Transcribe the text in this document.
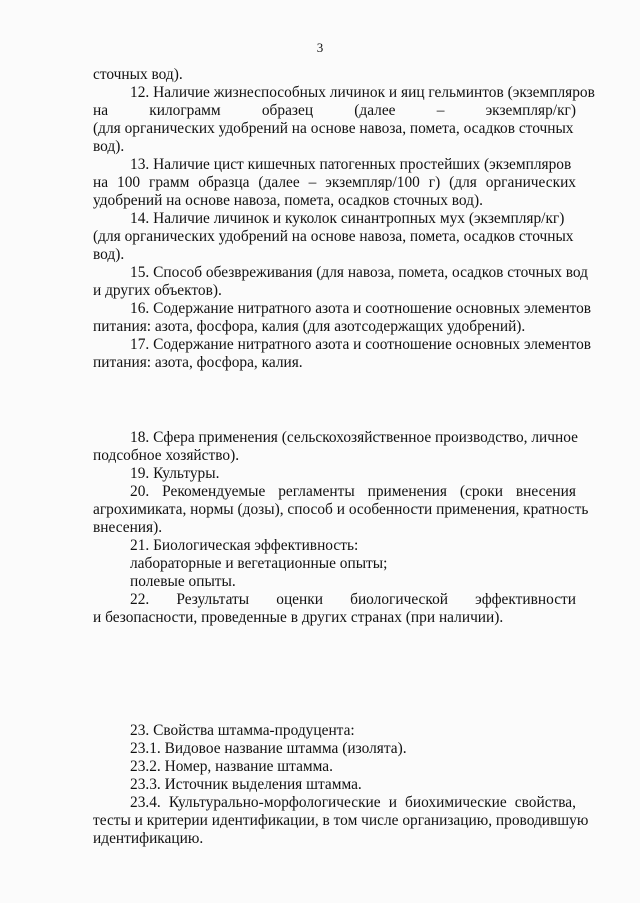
3
сточных вод).
12. Наличие жизнеспособных личинок и яиц гельминтов (экземпляров
на килограмм образец (далее – экземпляр/кг)
(для органических удобрений на основе навоза, помета, осадков сточных
вод).
13. Наличие цист кишечных патогенных простейших (экземпляров
на 100 грамм образца (далее – экземпляр/100 г) (для органических
удобрений на основе навоза, помета, осадков сточных вод).
14. Наличие личинок и куколок синантропных мух (экземпляр/кг)
(для органических удобрений на основе навоза, помета, осадков сточных
вод).
15. Способ обезвреживания (для навоза, помета, осадков сточных вод
и других объектов).
16. Содержание нитратного азота и соотношение основных элементов
питания: азота, фосфора, калия (для азотсодержащих удобрений).
17. Содержание нитратного азота и соотношение основных элементов
питания: азота, фосфора, калия.
18. Сфера применения (сельскохозяйственное производство, личное
подсобное хозяйство).
19. Культуры.
20. Рекомендуемые регламенты применения (сроки внесения
агрохимиката, нормы (дозы), способ и особенности применения, кратность
внесения).
21. Биологическая эффективность:
лабораторные и вегетационные опыты;
полевые опыты.
22. Результаты оценки биологической эффективности
и безопасности, проведенные в других странах (при наличии).
23. Свойства штамма-продуцента:
23.1. Видовое название штамма (изолята).
23.2. Номер, название штамма.
23.3. Источник выделения штамма.
23.4. Культурально-морфологические и биохимические свойства,
тесты и критерии идентификации, в том числе организацию, проводившую
идентификацию.
